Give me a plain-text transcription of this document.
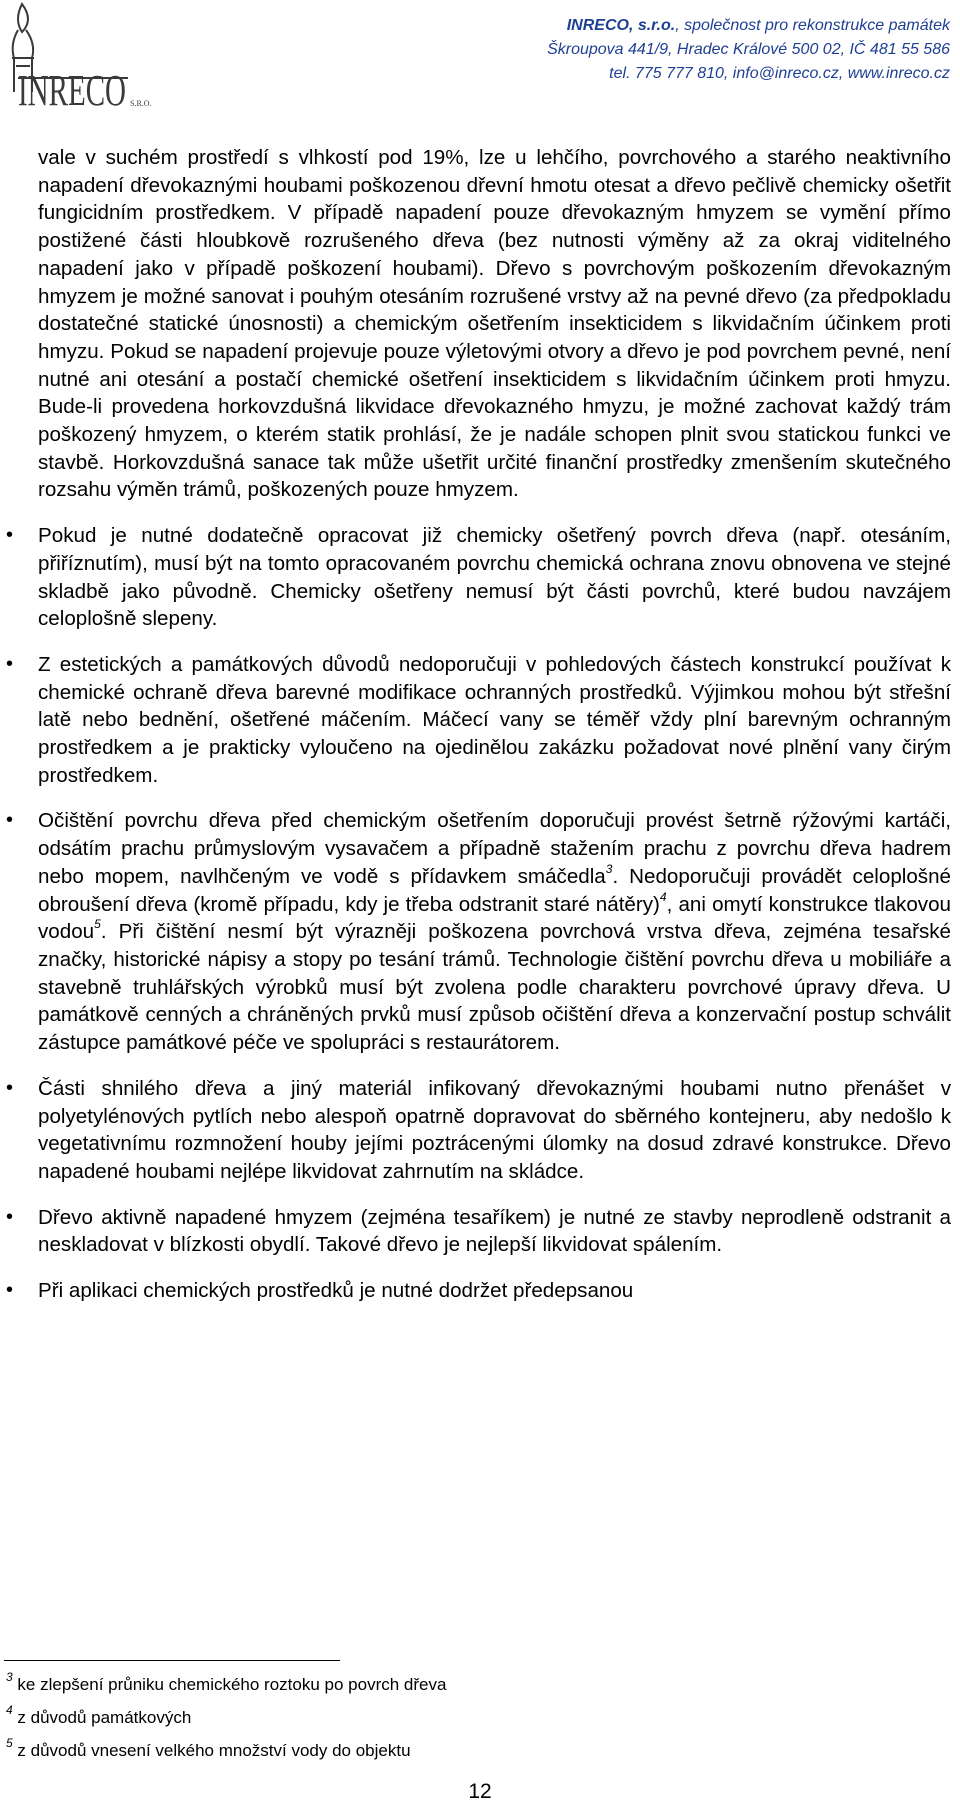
INRECO S.R.O.
INRECO, s.r.o., společnost pro rekonstrukce památek
Škroupova 441/9, Hradec Králové 500 02, IČ 481 55 586
tel. 775 777 810, info@inreco.cz, www.inreco.cz

vale v suchém prostředí s vlhkostí pod 19%, lze u lehčího, povrchového a starého neaktivního napadení dřevokaznými houbami poškozenou dřevní hmotu otesat a dřevo pečlivě chemicky ošetřit fungicidním prostředkem. V případě napadení pouze dřevokazným hmyzem se vymění přímo postižené části hloubkově rozrušeného dřeva (bez nutnosti výměny až za okraj viditelného napadení jako v případě poškození houbami). Dřevo s povrchovým poškozením dřevokazným hmyzem je možné sanovat i pouhým otesáním rozrušené vrstvy až na pevné dřevo (za předpokladu dostatečné statické únosnosti) a chemickým ošetřením insekticidem s likvidačním účinkem proti hmyzu. Pokud se napadení projevuje pouze výletovými otvory a dřevo je pod povrchem pevné, není nutné ani otesání a postačí chemické ošetření insekticidem s likvidačním účinkem proti hmyzu. Bude-li provedena horkovzdušná likvidace dřevokazného hmyzu, je možné zachovat každý trám poškozený hmyzem, o kterém statik prohlásí, že je nadále schopen plnit svou statickou funkci ve stavbě. Horkovzdušná sanace tak může ušetřit určité finanční prostředky zmenšením skutečného rozsahu výměn trámů, poškozených pouze hmyzem.

• Pokud je nutné dodatečně opracovat již chemicky ošetřený povrch dřeva (např. otesáním, přiříznutím), musí být na tomto opracovaném povrchu chemická ochrana znovu obnovena ve stejné skladbě jako původně. Chemicky ošetřeny nemusí být části povrchů, které budou navzájem celoplošně slepeny.

• Z estetických a památkových důvodů nedoporučuji v pohledových částech konstrukcí používat k chemické ochraně dřeva barevné modifikace ochranných prostředků. Výjimkou mohou být střešní latě nebo bednění, ošetřené máčením. Máčecí vany se téměř vždy plní barevným ochranným prostředkem a je prakticky vyloučeno na ojedinělou zakázku požadovat nové plnění vany čirým prostředkem.

• Očištění povrchu dřeva před chemickým ošetřením doporučuji provést šetrně rýžovými kartáči, odsátím prachu průmyslovým vysavačem a případně stažením prachu z povrchu dřeva hadrem nebo mopem, navlhčeným ve vodě s přídavkem smáčedla$^3$. Nedoporučuji provádět celoplošné obroušení dřeva (kromě případu, kdy je třeba odstranit staré nátěry)$^4$, ani omytí konstrukce tlakovou vodou$^5$. Při čištění nesmí být výrazněji poškozena povrchová vrstva dřeva, zejména tesařské značky, historické nápisy a stopy po tesání trámů. Technologie čištění povrchu dřeva u mobiliáře a stavebně truhlářských výrobků musí být zvolena podle charakteru povrchové úpravy dřeva. U památkově cenných a chráněných prvků musí způsob očištění dřeva a konzervační postup schválit zástupce památkové péče ve spolupráci s restaurátorem.

• Části shnilého dřeva a jiný materiál infikovaný dřevokaznými houbami nutno přenášet v polyetylénových pytlích nebo alespoň opatrně dopravovat do sběrného kontejneru, aby nedošlo k vegetativnímu rozmnožení houby jejími poztrácenými úlomky na dosud zdravé konstrukce. Dřevo napadené houbami nejlépe likvidovat zahrnutím na skládce.

• Dřevo aktivně napadené hmyzem (zejména tesaříkem) je nutné ze stavby neprodleně odstranit a neskladovat v blízkosti obydlí. Takové dřevo je nejlepší likvidovat spálením.

• Při aplikaci chemických prostředků je nutné dodržet předepsanou

$^3$ ke zlepšení průniku chemického roztoku po povrch dřeva
$^4$ z důvodů památkových
$^5$ z důvodů vnesení velkého množství vody do objektu
12
